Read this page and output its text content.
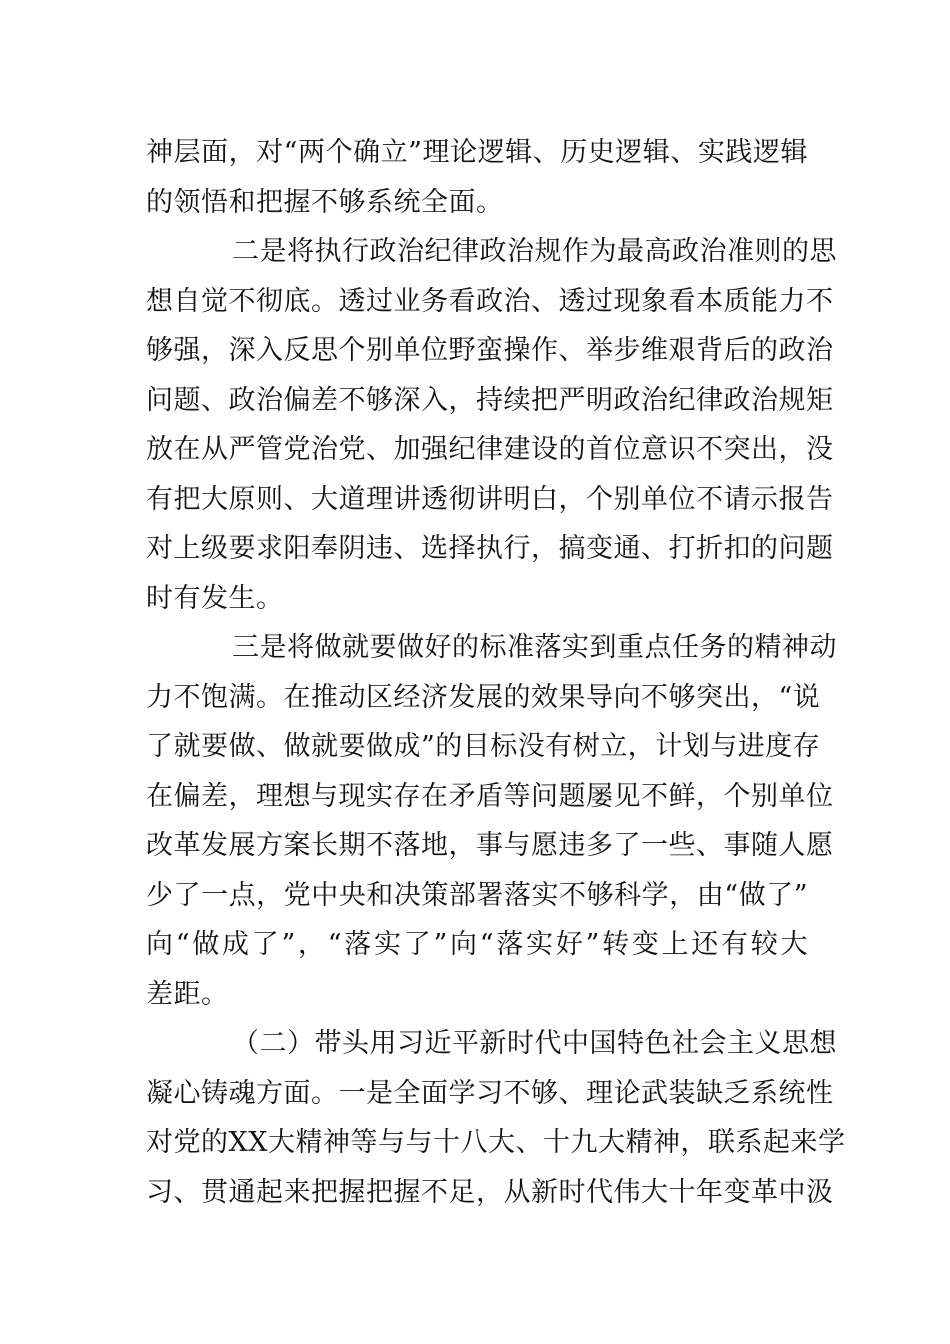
神层面，对“两个确立”理论逻辑、历史逻辑、实践逻辑
的领悟和把握不够系统全面。
二是将执行政治纪律政治规作为最高政治准则的思
想自觉不彻底。透过业务看政治、透过现象看本质能力不
够强，深入反思个别单位野蛮操作、举步维艰背后的政治
问题、政治偏差不够深入，持续把严明政治纪律政治规矩
放在从严管党治党、加强纪律建设的首位意识不突出，没
有把大原则、大道理讲透彻讲明白，个别单位不请示报告
对上级要求阳奉阴违、选择执行，搞变通、打折扣的问题
时有发生。
三是将做就要做好的标准落实到重点任务的精神动
力不饱满。在推动区经济发展的效果导向不够突出，“说
了就要做、做就要做成”的目标没有树立，计划与进度存
在偏差，理想与现实存在矛盾等问题屡见不鲜，个别单位
改革发展方案长期不落地，事与愿违多了一些、事随人愿
少了一点，党中央和决策部署落实不够科学，由“做了”
向“做成了”，“落实了”向“落实好”转变上还有较大
差距。
（二）带头用习近平新时代中国特色社会主义思想
凝心铸魂方面。一是全面学习不够、理论武装缺乏系统性
对党的XX大精神等与与十八大、十九大精神，联系起来学
习、贯通起来把握把握不足，从新时代伟大十年变革中汲
